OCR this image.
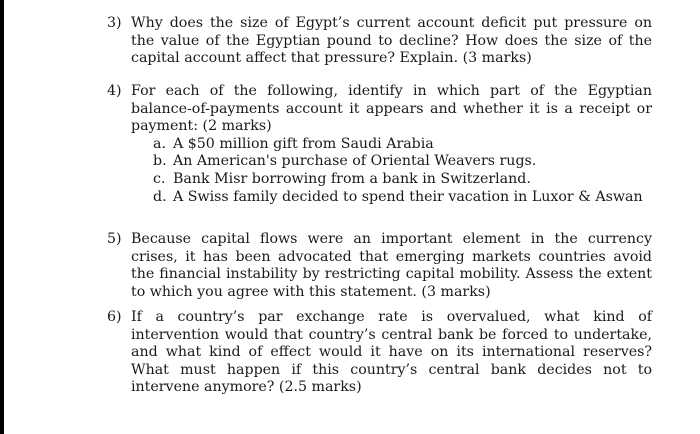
3) Why does the size of Egypt’s current account deficit put pressure on the value of the Egyptian pound to decline? How does the size of the capital account affect that pressure? Explain. (3 marks)
4) For each of the following, identify in which part of the Egyptian balance-of-payments account it appears and whether it is a receipt or payment: (2 marks)
a. A $50 million gift from Saudi Arabia
b. An American's purchase of Oriental Weavers rugs.
c. Bank Misr borrowing from a bank in Switzerland.
d. A Swiss family decided to spend their vacation in Luxor & Aswan
5) Because capital flows were an important element in the currency crises, it has been advocated that emerging markets countries avoid the financial instability by restricting capital mobility. Assess the extent to which you agree with this statement. (3 marks)
6) If a country’s par exchange rate is overvalued, what kind of intervention would that country’s central bank be forced to undertake, and what kind of effect would it have on its international reserves? What must happen if this country’s central bank decides not to intervene anymore? (2.5 marks)
